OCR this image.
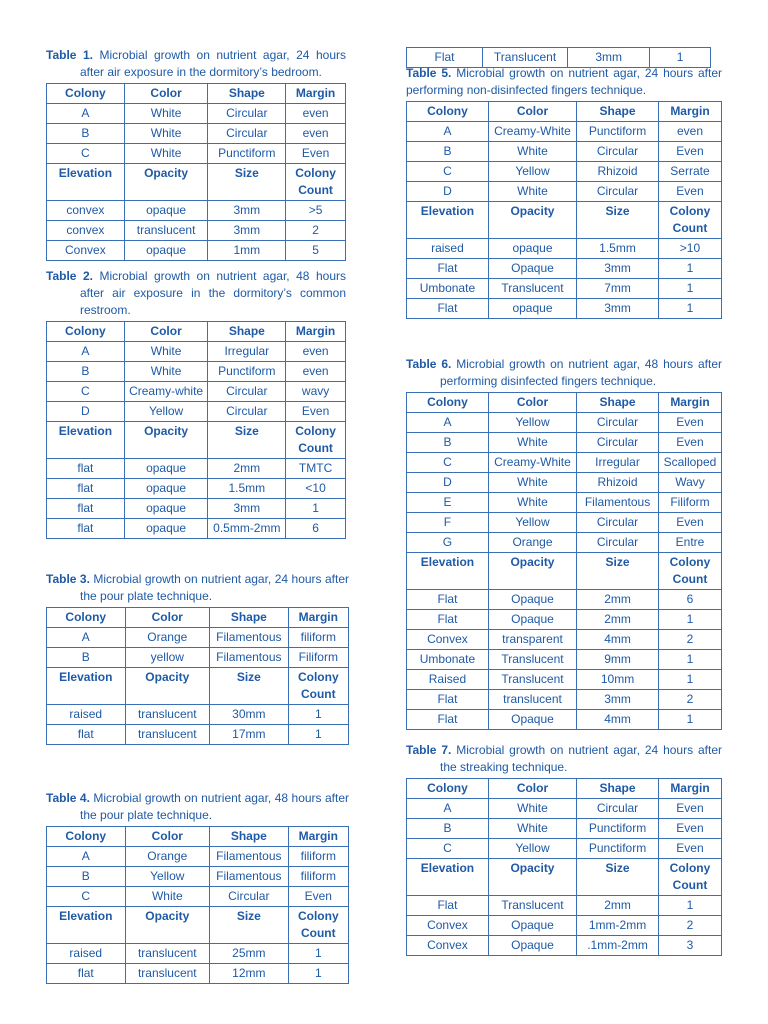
Table 1. Microbial growth on nutrient agar, 24 hours after air exposure in the dormitory’s bedroom.

Colony	Color	Shape	Margin
A	White	Circular	even
B	White	Circular	even
C	White	Punctiform	Even
Elevation	Opacity	Size	Colony Count
convex	opaque	3mm	>5
convex	translucent	3mm	2
Convex	opaque	1mm	5

Table 2. Microbial growth on nutrient agar, 48 hours after air exposure in the dormitory’s common restroom.

Colony	Color	Shape	Margin
A	White	Irregular	even
B	White	Punctiform	even
C	Creamy-white	Circular	wavy
D	Yellow	Circular	Even
Elevation	Opacity	Size	Colony Count
flat	opaque	2mm	TMTC
flat	opaque	1.5mm	<10
flat	opaque	3mm	1
flat	opaque	0.5mm-2mm	6

Table 3. Microbial growth on nutrient agar, 24 hours after the pour plate technique.

Colony	Color	Shape	Margin
A	Orange	Filamentous	filiform
B	yellow	Filamentous	Filiform
Elevation	Opacity	Size	Colony Count
raised	translucent	30mm	1
flat	translucent	17mm	1

Table 4. Microbial growth on nutrient agar, 48 hours after the pour plate technique.

Colony	Color	Shape	Margin
A	Orange	Filamentous	filiform
B	Yellow	Filamentous	filiform
C	White	Circular	Even
Elevation	Opacity	Size	Colony Count
raised	translucent	25mm	1
flat	translucent	12mm	1
Flat	Translucent	3mm	1

Table 5. Microbial growth on nutrient agar, 24 hours after performing non-disinfected fingers technique.

Colony	Color	Shape	Margin
A	Creamy-White	Punctiform	even
B	White	Circular	Even
C	Yellow	Rhizoid	Serrate
D	White	Circular	Even
Elevation	Opacity	Size	Colony Count
raised	opaque	1.5mm	>10
Flat	Opaque	3mm	1
Umbonate	Translucent	7mm	1
Flat	opaque	3mm	1

Table 6. Microbial growth on nutrient agar, 48 hours after performing disinfected fingers technique.

Colony	Color	Shape	Margin
A	Yellow	Circular	Even
B	White	Circular	Even
C	Creamy-White	Irregular	Scalloped
D	White	Rhizoid	Wavy
E	White	Filamentous	Filiform
F	Yellow	Circular	Even
G	Orange	Circular	Entre
Elevation	Opacity	Size	Colony Count
Flat	Opaque	2mm	6
Flat	Opaque	2mm	1
Convex	transparent	4mm	2
Umbonate	Translucent	9mm	1
Raised	Translucent	10mm	1
Flat	translucent	3mm	2
Flat	Opaque	4mm	1

Table 7. Microbial growth on nutrient agar, 24 hours after the streaking technique.

Colony	Color	Shape	Margin
A	White	Circular	Even
B	White	Punctiform	Even
C	Yellow	Punctiform	Even
Elevation	Opacity	Size	Colony Count
Flat	Translucent	2mm	1
Convex	Opaque	1mm-2mm	2
Convex	Opaque	.1mm-2mm	3
